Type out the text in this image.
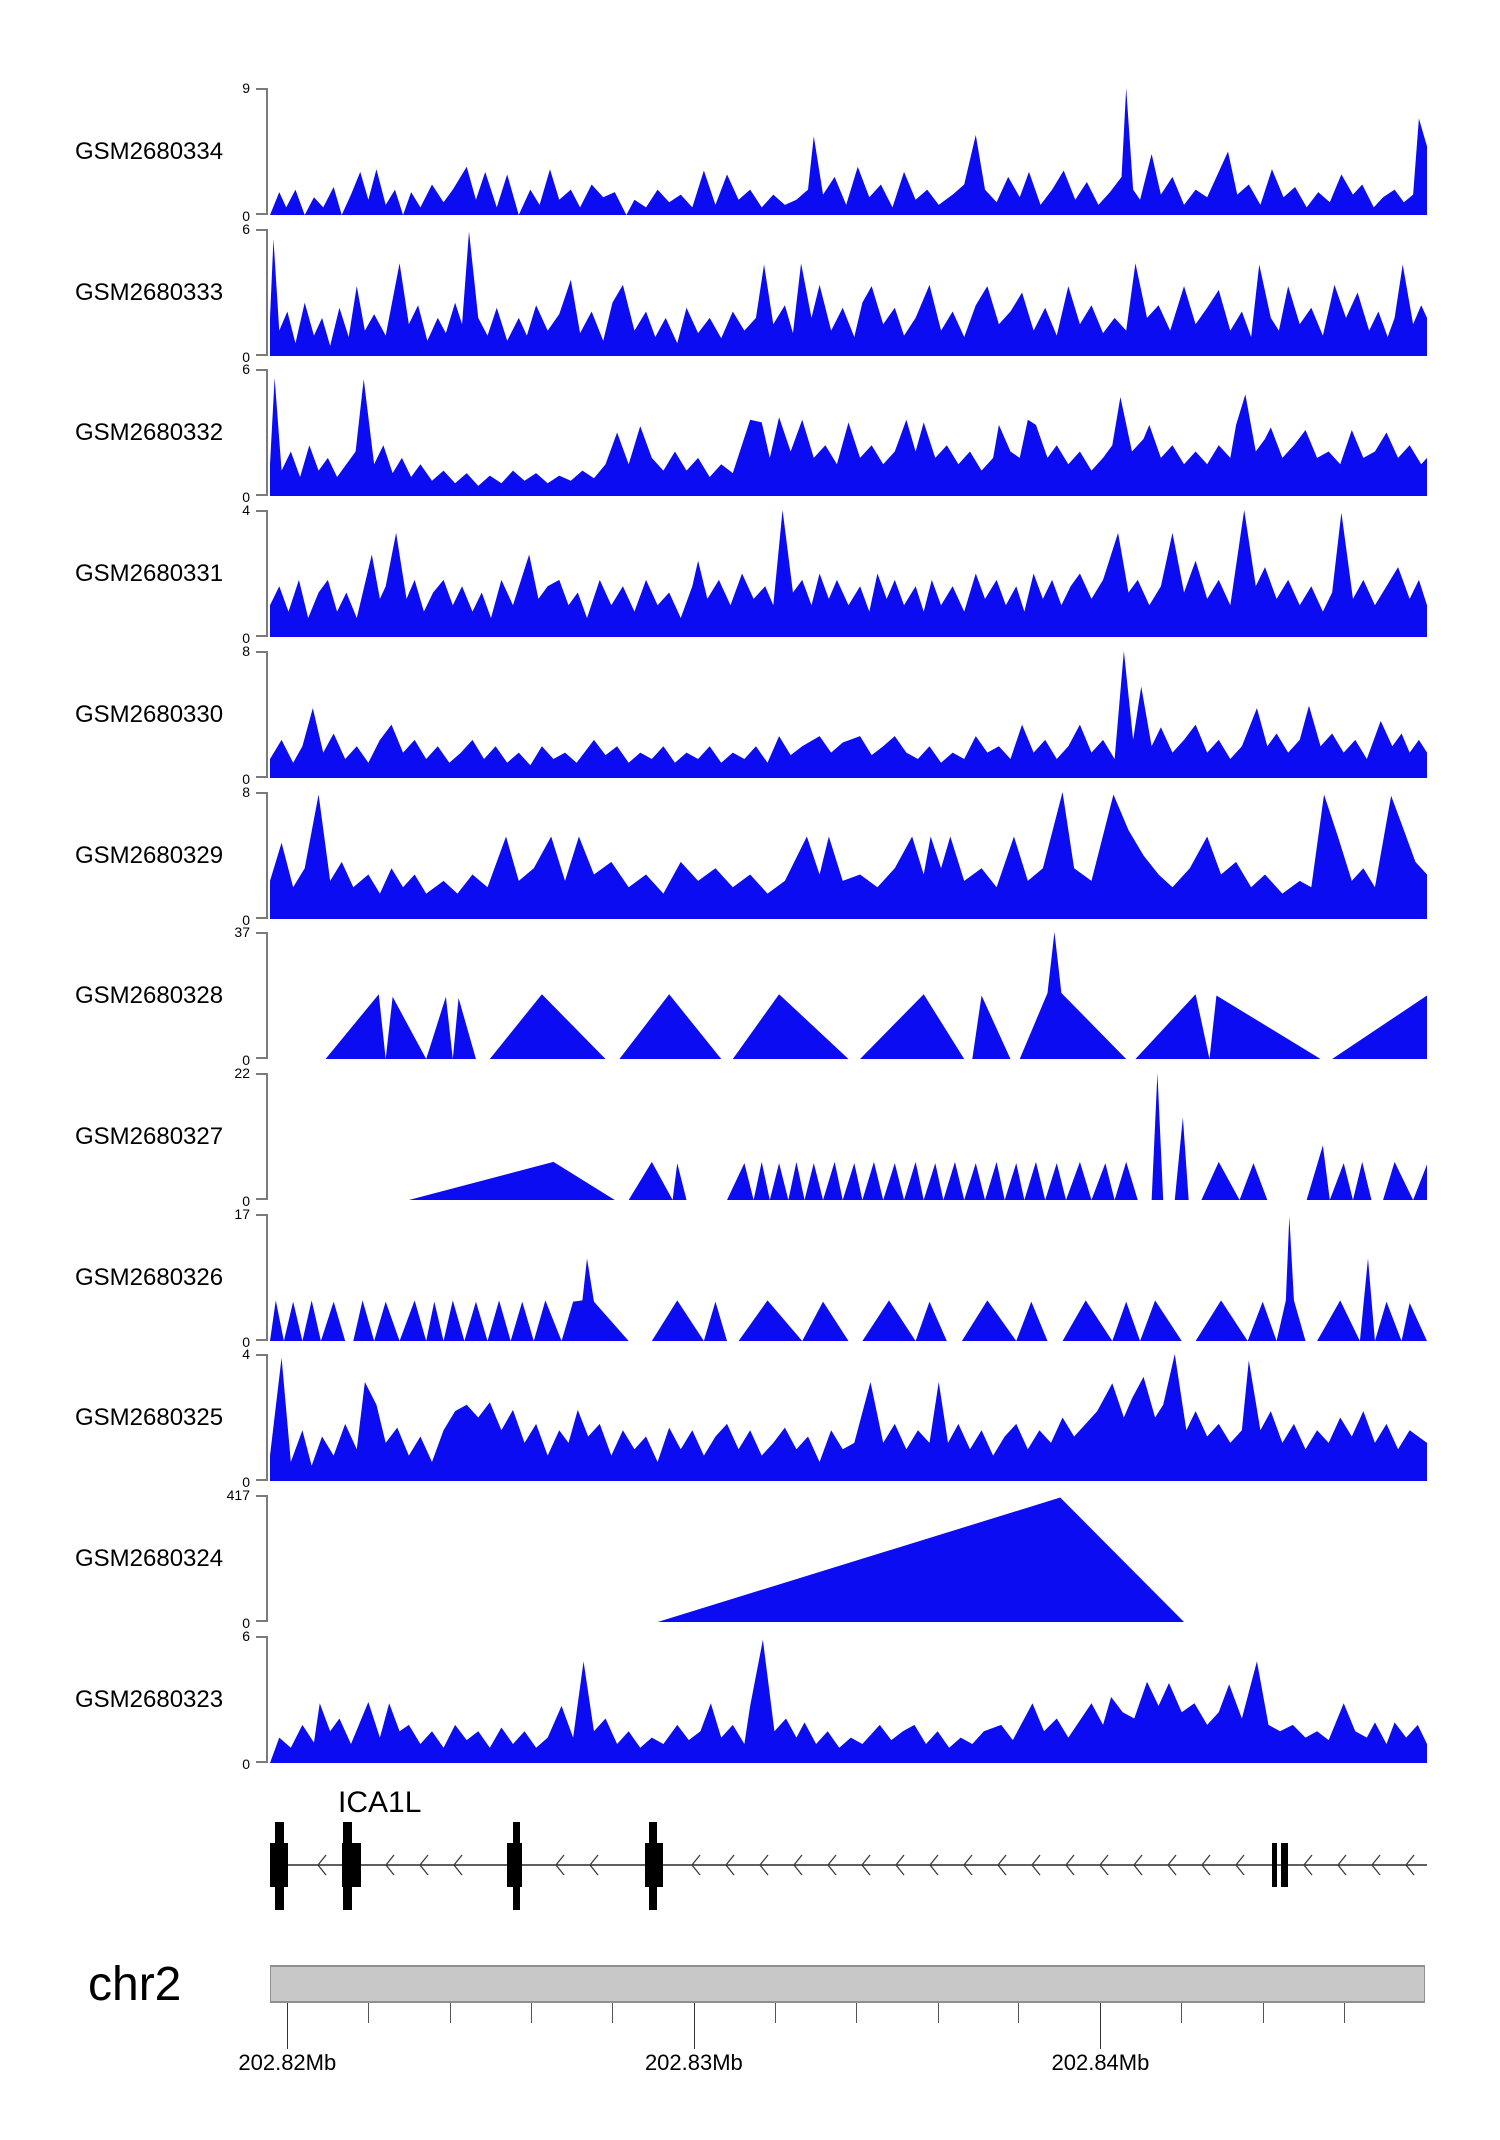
GSM2680334
9
0
GSM2680333
6
0
GSM2680332
6
0
GSM2680331
4
0
GSM2680330
8
0
GSM2680329
8
0
GSM2680328
37
0
GSM2680327
22
0
GSM2680326
17
0
GSM2680325
4
0
GSM2680324
417
0
GSM2680323
6
0
ICA1L
chr2
202.82Mb	202.83Mb	202.84Mb
